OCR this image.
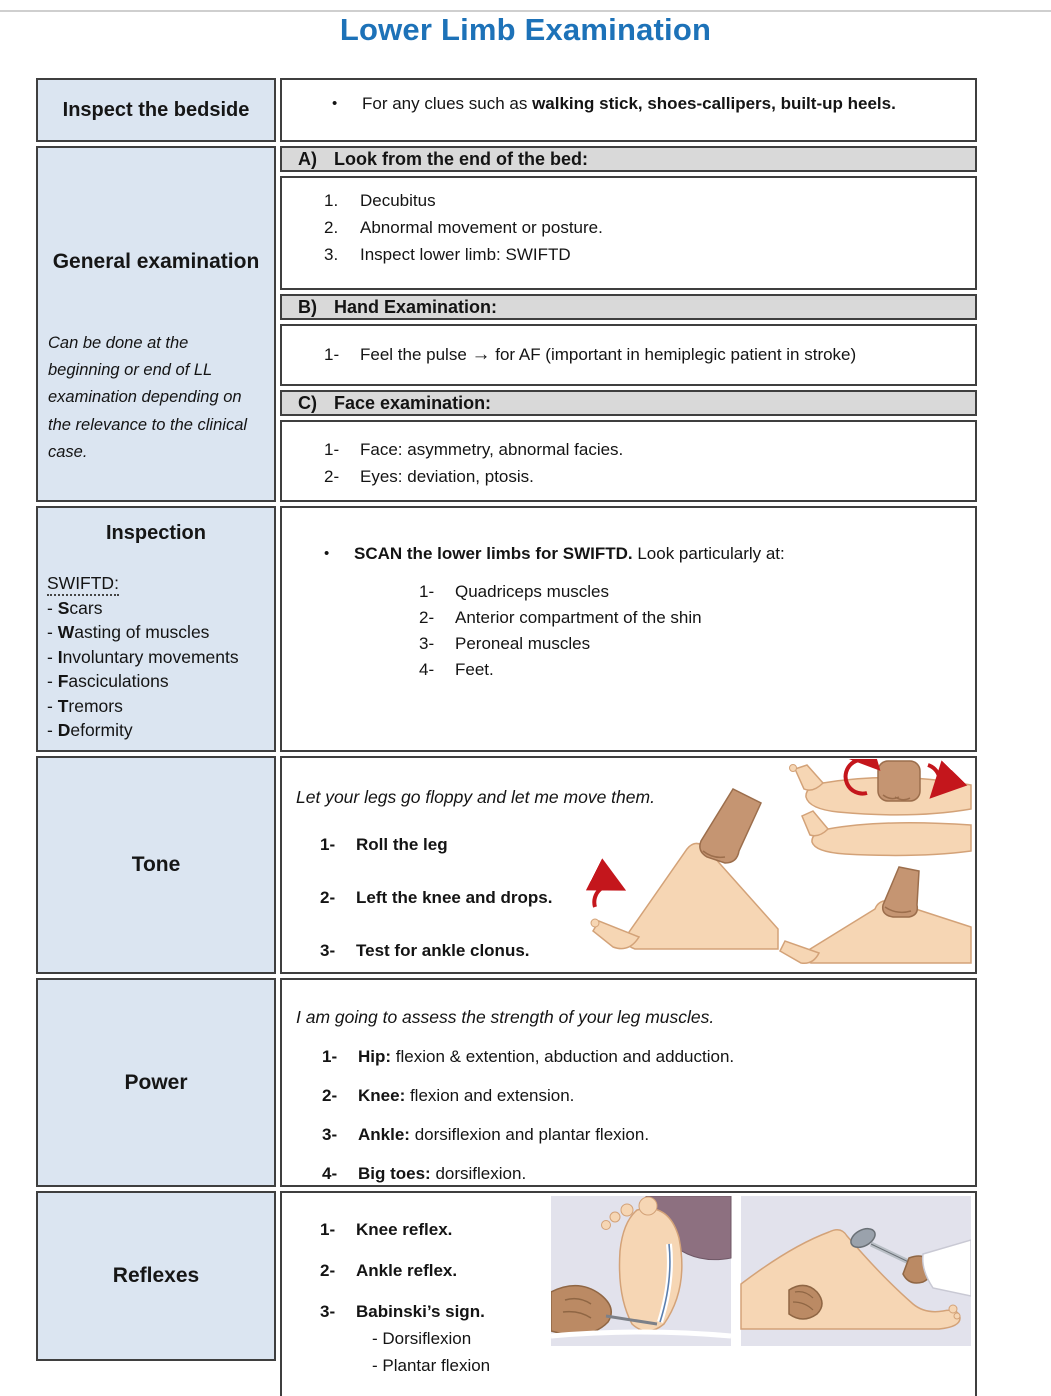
Lower Limb Examination
Inspect the bedside	•	For any clues such as walking stick, shoes-callipers, built-up heels.
General examination
Can be done at the beginning or end of LL examination depending on the relevance to the clinical case.
A) Look from the end of the bed:
1.	Decubitus
2.	Abnormal movement or posture.
3.	Inspect lower limb: SWIFTD
B) Hand Examination:
1-	Feel the pulse → for AF (important in hemiplegic patient in stroke)
C) Face examination:
1-	Face: asymmetry, abnormal facies.
2-	Eyes: deviation, ptosis.
Inspection
SWIFTD:
- Scars
- Wasting of muscles
- Involuntary movements
- Fasciculations
- Tremors
- Deformity
•	SCAN the lower limbs for SWIFTD. Look particularly at:
1-	Quadriceps muscles
2-	Anterior compartment of the shin
3-	Peroneal muscles
4-	Feet.
Tone
Let your legs go floppy and let me move them.
1-	Roll the leg
2-	Left the knee and drops.
3-	Test for ankle clonus.
Power
I am going to assess the strength of your leg muscles.
1-	Hip: flexion & extention, abduction and adduction.
2-	Knee: flexion and extension.
3-	Ankle: dorsiflexion and plantar flexion.
4-	Big toes: dorsiflexion.
Reflexes
1-	Knee reflex.
2-	Ankle reflex.
3-	Babinski’s sign.
- Dorsiflexion
- Plantar flexion
